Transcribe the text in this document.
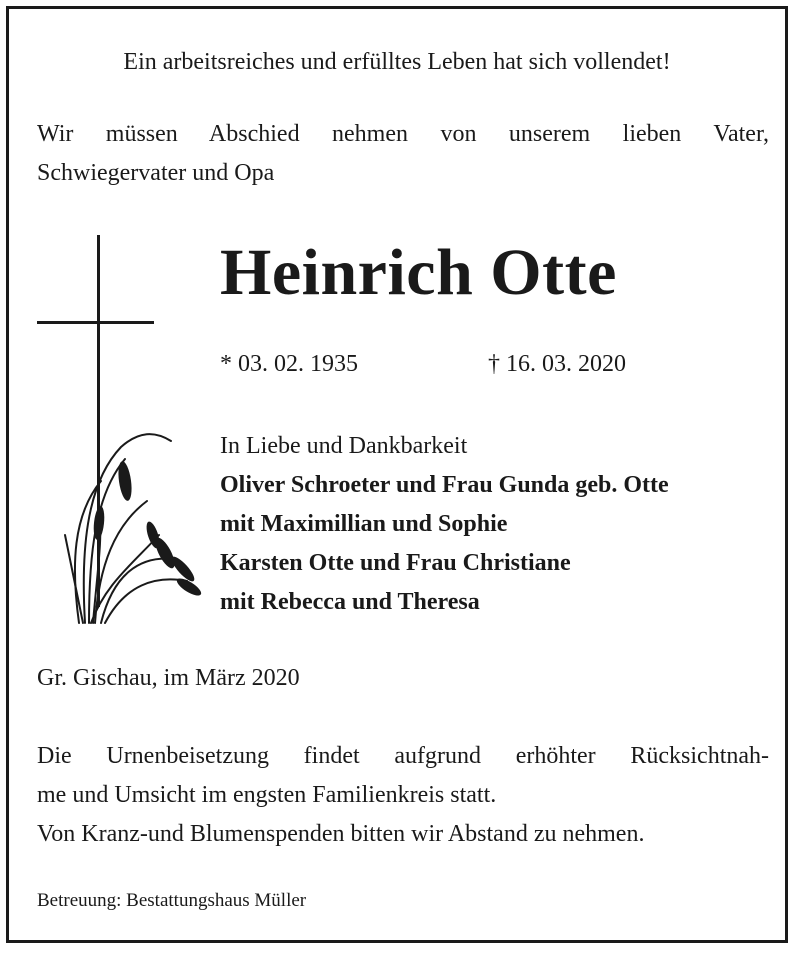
Ein arbeitsreiches und erfülltes Leben hat sich vollendet!
Wir müssen Abschied nehmen von unserem lieben Vater,
Schwiegervater und Opa
Heinrich Otte
* 03. 02. 1935	† 16. 03. 2020
In Liebe und Dankbarkeit
Oliver Schroeter und Frau Gunda geb. Otte
mit Maximillian und Sophie
Karsten Otte und Frau Christiane
mit Rebecca und Theresa
Gr. Gischau, im März 2020
Die Urnenbeisetzung findet aufgrund erhöhter Rücksichtnah-
me und Umsicht im engsten Familienkreis statt.
Von Kranz-und Blumenspenden bitten wir Abstand zu nehmen.
Betreuung: Bestattungshaus Müller
